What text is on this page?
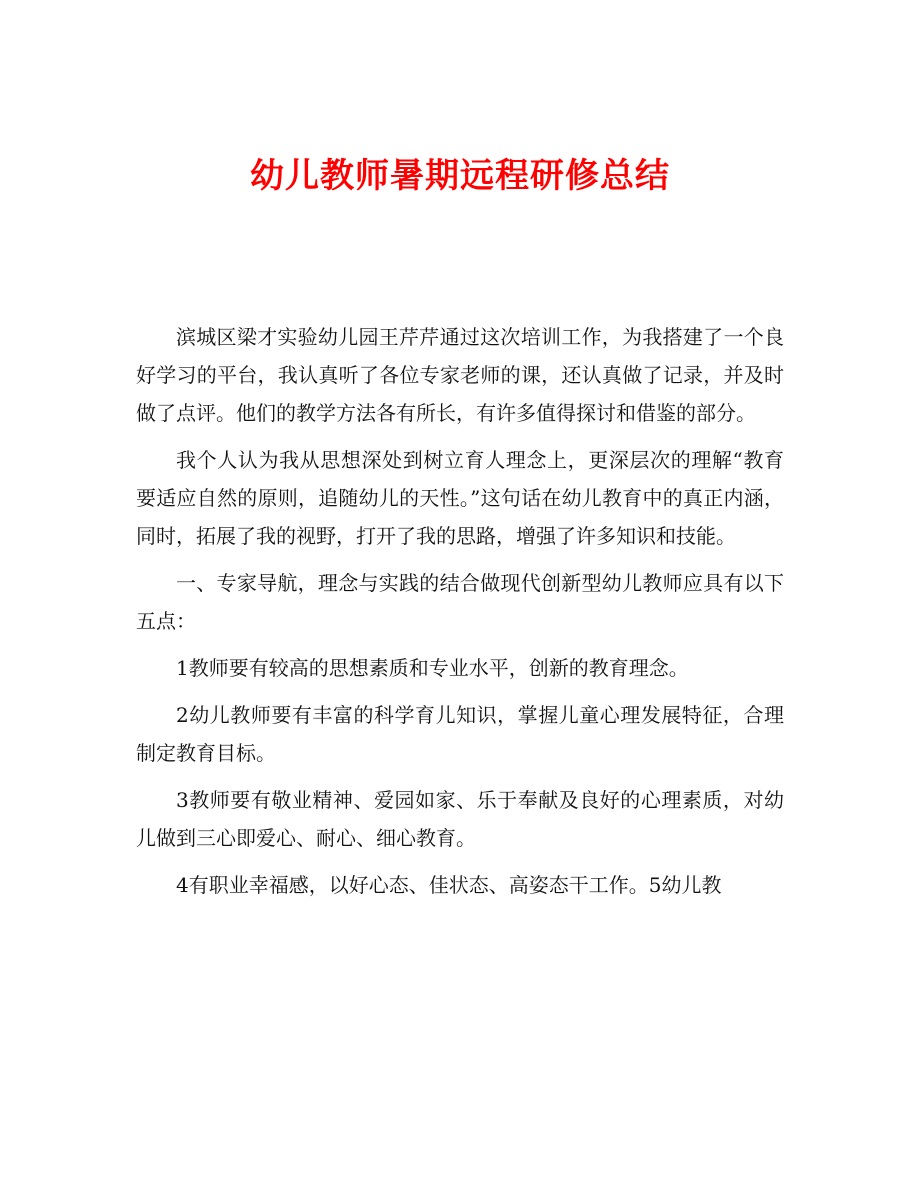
幼儿教师暑期远程研修总结

滨城区梁才实验幼儿园王芹芹通过这次培训工作，为我搭建了一个良好学习的平台，我认真听了各位专家老师的课，还认真做了记录，并及时做了点评。他们的教学方法各有所长，有许多值得探讨和借鉴的部分。

我个人认为我从思想深处到树立育人理念上，更深层次的理解“教育要适应自然的原则，追随幼儿的天性。”这句话在幼儿教育中的真正内涵，同时，拓展了我的视野，打开了我的思路，增强了许多知识和技能。

一、专家导航，理念与实践的结合做现代创新型幼儿教师应具有以下五点：

1教师要有较高的思想素质和专业水平，创新的教育理念。

2幼儿教师要有丰富的科学育儿知识，掌握儿童心理发展特征，合理制定教育目标。

3教师要有敬业精神、爱园如家、乐于奉献及良好的心理素质，对幼儿做到三心即爱心、耐心、细心教育。

4有职业幸福感，以好心态、佳状态、高姿态干工作。5幼儿教
